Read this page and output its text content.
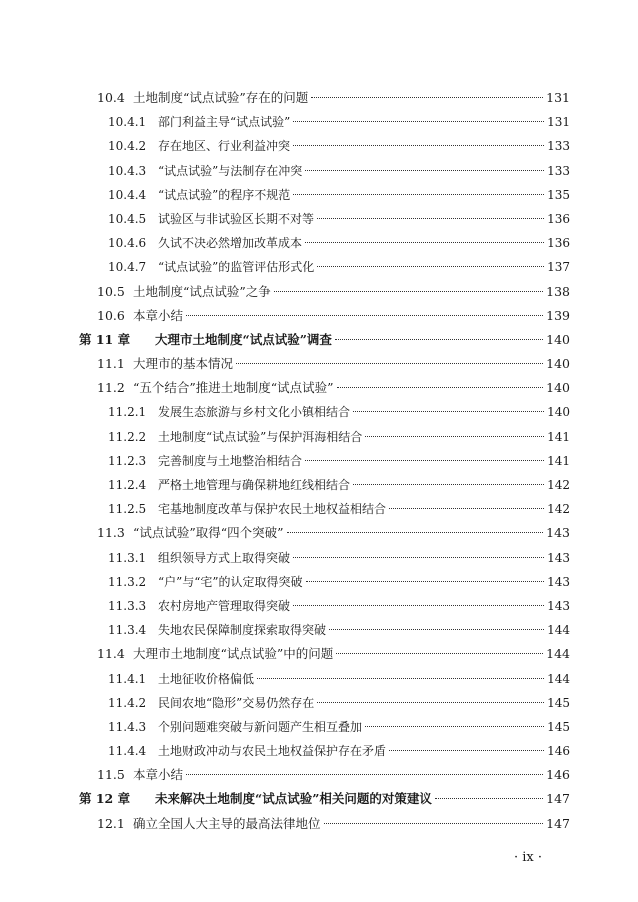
10.4 土地制度“试点试验”存在的问题	131
10.4.1 部门利益主导“试点试验”	131
10.4.2 存在地区、行业利益冲突	133
10.4.3 “试点试验”与法制存在冲突	133
10.4.4 “试点试验”的程序不规范	135
10.4.5 试验区与非试验区长期不对等	136
10.4.6 久试不决必然增加改革成本	136
10.4.7 “试点试验”的监管评估形式化	137
10.5 土地制度“试点试验”之争	138
10.6 本章小结	139
第 11 章	大理市土地制度“试点试验”调查	140
11.1 大理市的基本情况	140
11.2 “五个结合”推进土地制度“试点试验”	140
11.2.1 发展生态旅游与乡村文化小镇相结合	140
11.2.2 土地制度“试点试验”与保护洱海相结合	141
11.2.3 完善制度与土地整治相结合	141
11.2.4 严格土地管理与确保耕地红线相结合	142
11.2.5 宅基地制度改革与保护农民土地权益相结合	142
11.3 “试点试验”取得“四个突破”	143
11.3.1 组织领导方式上取得突破	143
11.3.2 “户”与“宅”的认定取得突破	143
11.3.3 农村房地产管理取得突破	143
11.3.4 失地农民保障制度探索取得突破	144
11.4 大理市土地制度“试点试验”中的问题	144
11.4.1 土地征收价格偏低	144
11.4.2 民间农地“隐形”交易仍然存在	145
11.4.3 个别问题难突破与新问题产生相互叠加	145
11.4.4 土地财政冲动与农民土地权益保护存在矛盾	146
11.5 本章小结	146
第 12 章	未来解决土地制度“试点试验”相关问题的对策建议	147
12.1 确立全国人大主导的最高法律地位	147
· ix ·
